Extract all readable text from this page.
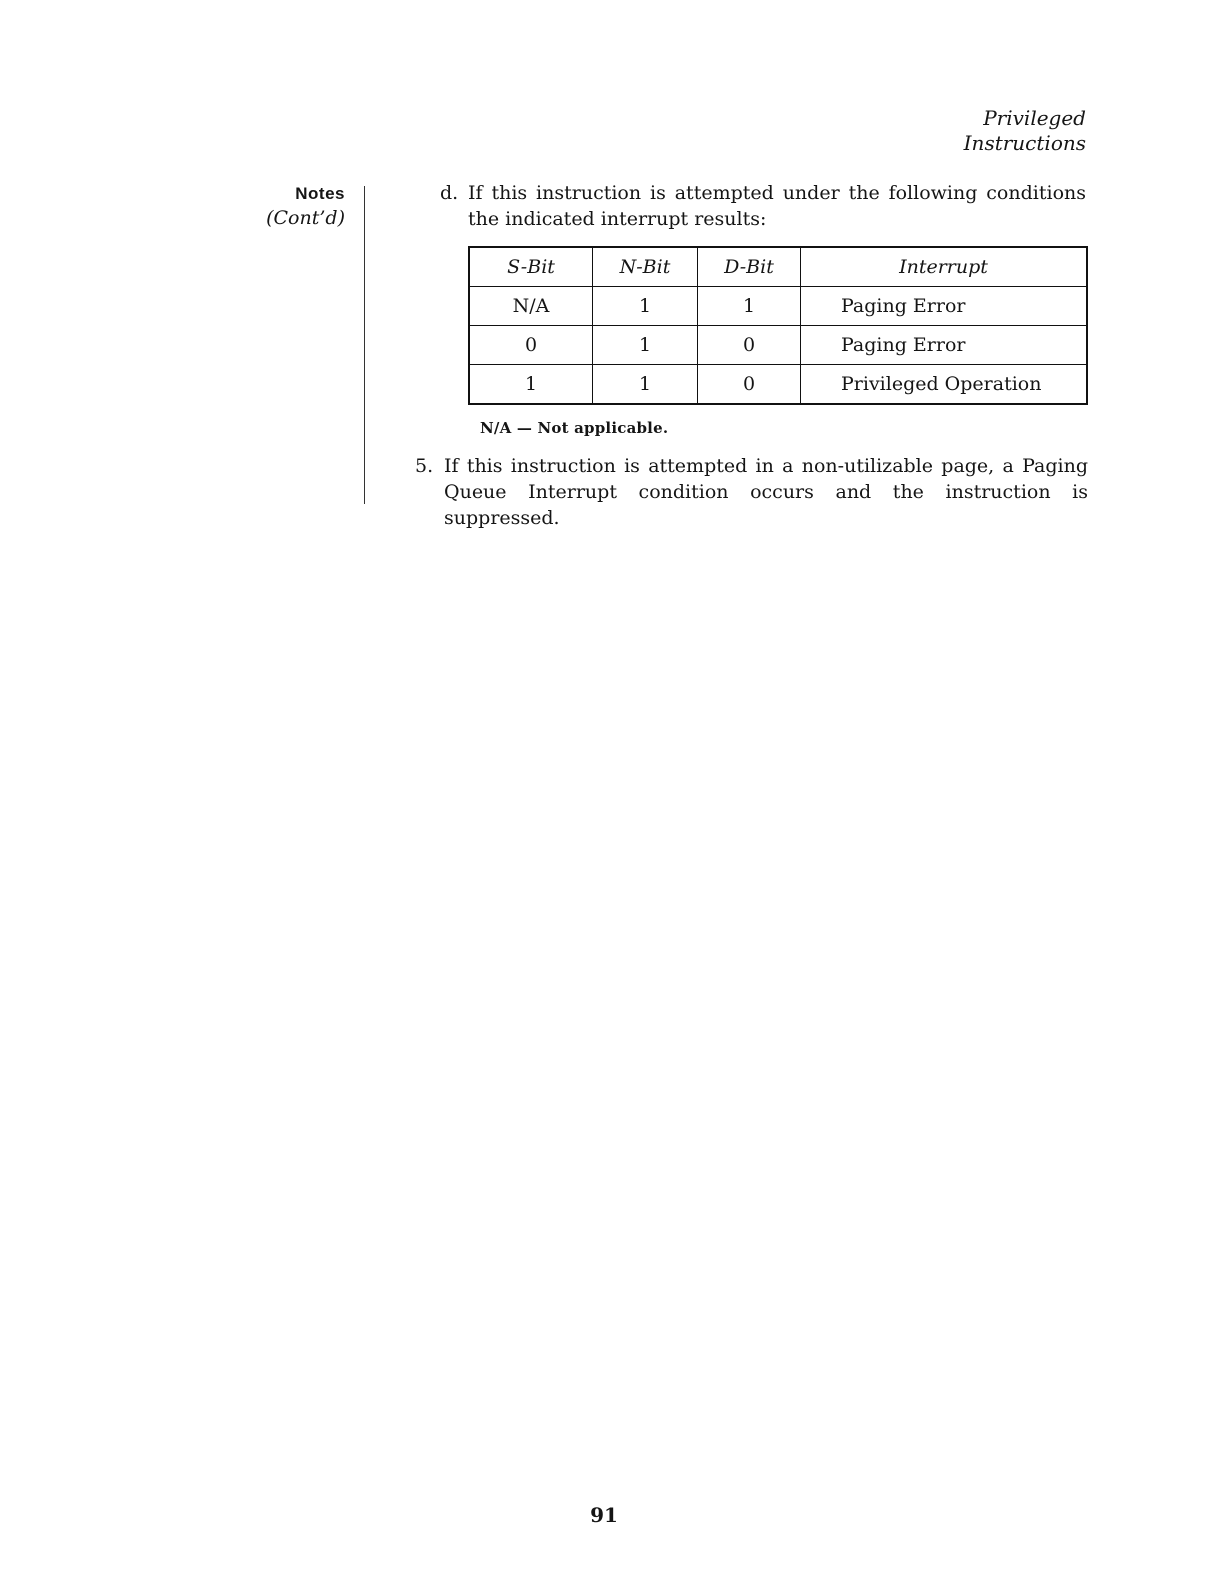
Privileged
Instructions
Notes
(Cont’d)
d. If this instruction is attempted under the following conditions the indicated interrupt results:
S-Bit	N-Bit	D-Bit	Interrupt
N/A	1	1	Paging Error
0	1	0	Paging Error
1	1	0	Privileged Operation
N/A — Not applicable.
5. If this instruction is attempted in a non-utilizable page, a Paging Queue Interrupt condition occurs and the instruction is suppressed.
91
